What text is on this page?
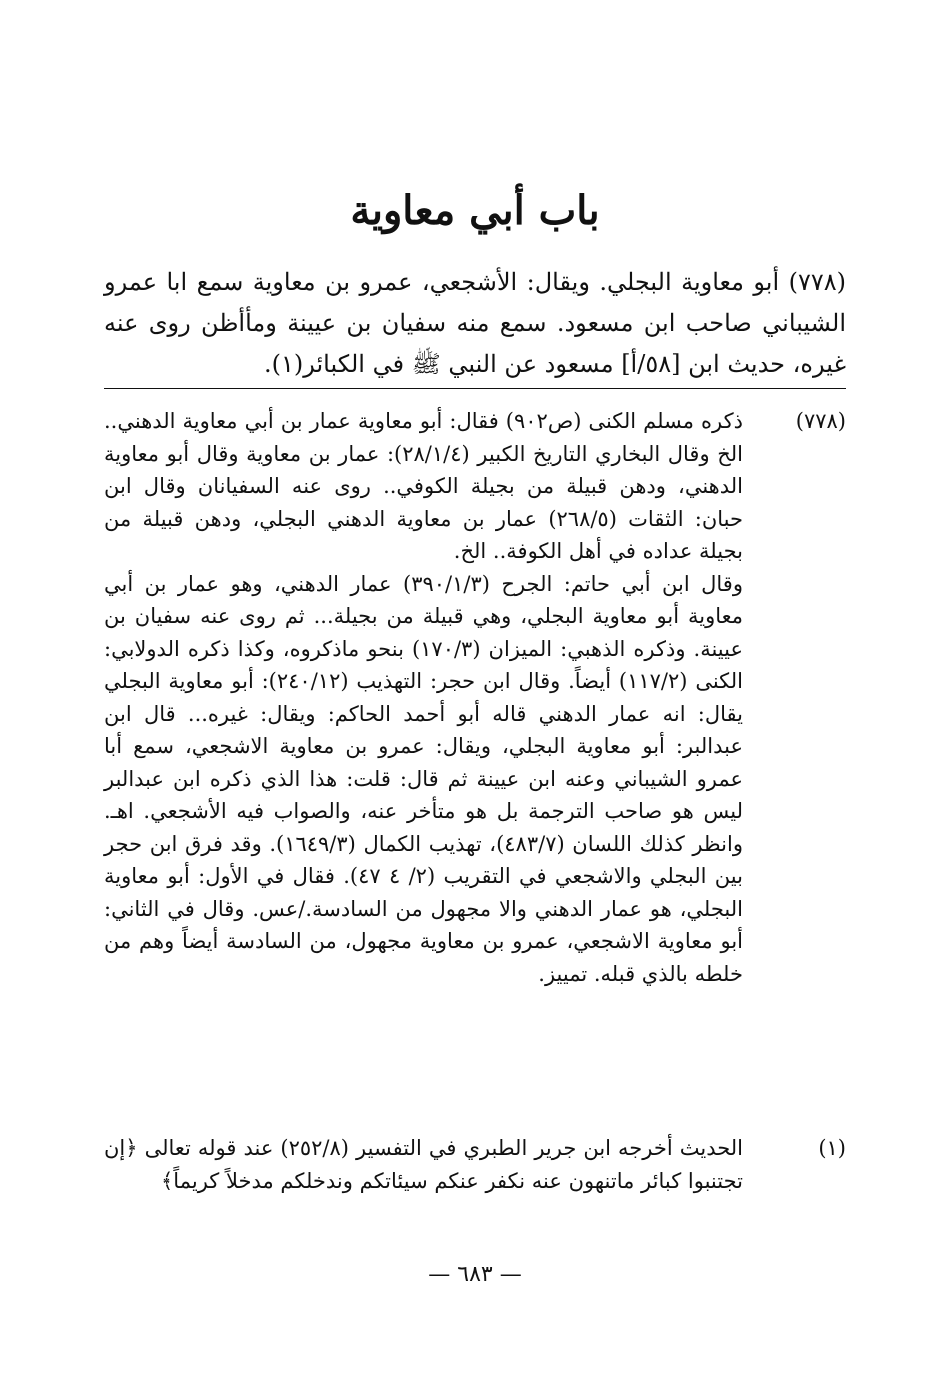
باب أبي معاوية

(٧٧٨) أبو معاوية البجلي. ويقال: الأشجعي، عمرو بن معاوية سمع ابا عمرو الشيباني صاحب ابن مسعود. سمع منه سفيان بن عيينة ومأأظن روى عنه غيره، حديث ابن [٥٨/أ] مسعود عن النبي ﷺ في الكبائر(١).

(٧٧٨)

ذكره مسلم الكنى (ص٩٠٢) فقال: أبو معاوية عمار بن أبي معاوية الدهني.. الخ وقال البخاري التاريخ الكبير (٢٨/١/٤): عمار بن معاوية وقال أبو معاوية الدهني، ودهن قبيلة من بجيلة الكوفي.. روى عنه السفيانان وقال ابن حبان: الثقات (٢٦٨/٥) عمار بن معاوية الدهني البجلي، ودهن قبيلة من بجيلة عداده في أهل الكوفة.. الخ.

وقال ابن أبي حاتم: الجرح (٣٩٠/١/٣) عمار الدهني، وهو عمار بن أبي معاوية أبو معاوية البجلي، وهي قبيلة من بجيلة... ثم روى عنه سفيان بن عيينة. وذكره الذهبي: الميزان (١٧٠/٣) بنحو ماذكروه، وكذا ذكره الدولابي: الكنى (١١٧/٢) أيضاً. وقال ابن حجر: التهذيب (٢٤٠/١٢): أبو معاوية البجلي يقال: انه عمار الدهني قاله أبو أحمد الحاكم: ويقال: غيره... قال ابن عبدالبر: أبو معاوية البجلي، ويقال: عمرو بن معاوية الاشجعي، سمع أبا عمرو الشيباني وعنه ابن عيينة ثم قال: قلت: هذا الذي ذكره ابن عبدالبر ليس هو صاحب الترجمة بل هو متأخر عنه، والصواب فيه الأشجعي. اهـ. وانظر كذلك اللسان (٤٨٣/٧)، تهذيب الكمال (١٦٤٩/٣). وقد فرق ابن حجر بين البجلي والاشجعي في التقريب (٢/ ٤ ٤٧). فقال في الأول: أبو معاوية البجلي، هو عمار الدهني والا مجهول من السادسة./عس. وقال في الثاني: أبو معاوية الاشجعي، عمرو بن معاوية مجهول، من السادسة أيضاً وهم من خلطه بالذي قبله. تمييز.

(١)

الحديث أخرجه ابن جرير الطبري في التفسير (٢٥٢/٨) عند قوله تعالى ﴿إن تجتنبوا كبائر ماتنهون عنه نكفر عنكم سيئاتكم وندخلكم مدخلاً كريماً﴾

— ٦٨٣ —
